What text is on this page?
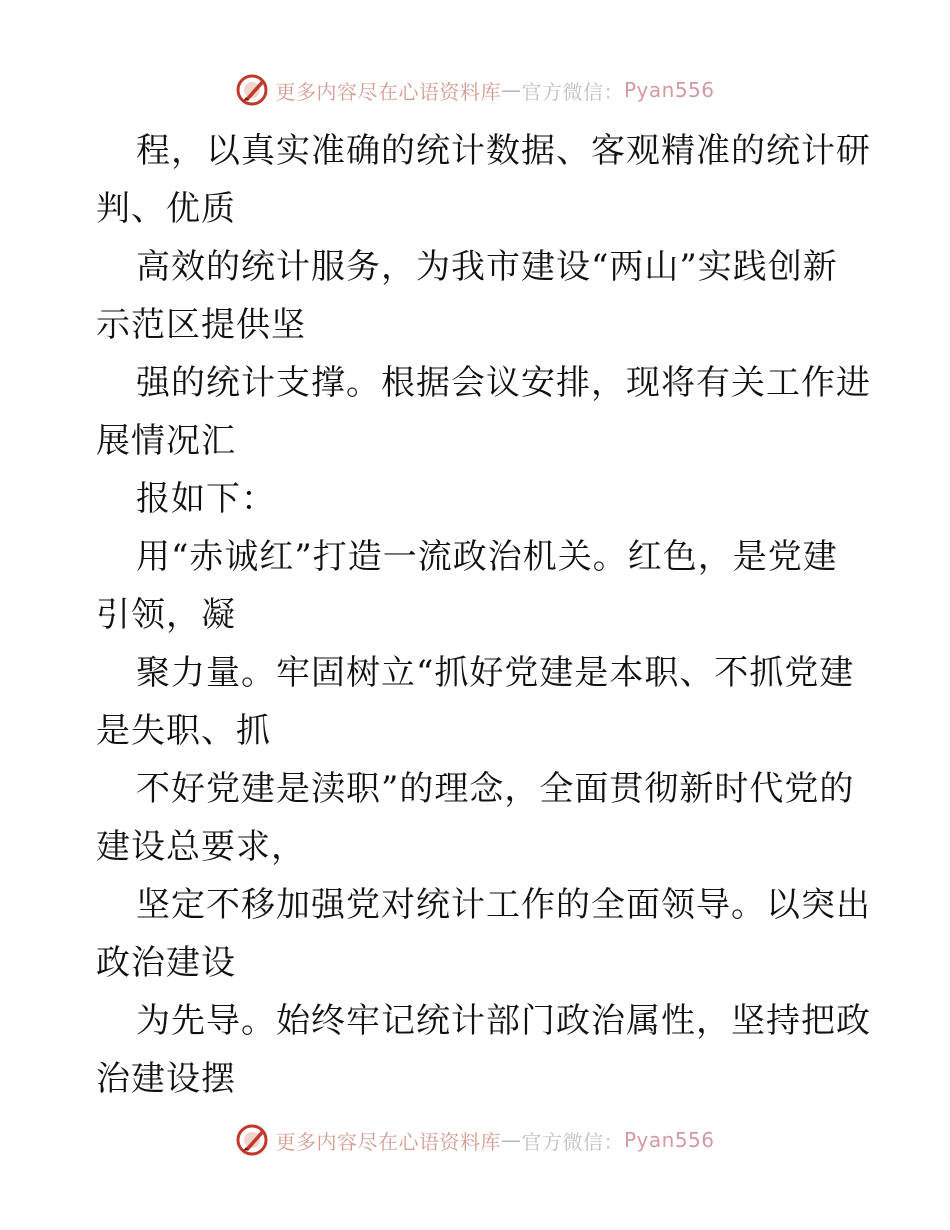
更多内容尽在心语资料库 — 官方微信： Pyan556
程，以真实准确的统计数据、客观精准的统计研
判、优质
高效的统计服务，为我市建设“两山”实践创新
示范区提供坚
强的统计支撑。根据会议安排，现将有关工作进
展情况汇
报如下：
用“赤诚红”打造一流政治机关。红色，是党建
引领，凝
聚力量。牢固树立“抓好党建是本职、不抓党建
是失职、抓
不好党建是渎职”的理念，全面贯彻新时代党的
建设总要求，
坚定不移加强党对统计工作的全面领导。以突出
政治建设
为先导。始终牢记统计部门政治属性，坚持把政
治建设摆
更多内容尽在心语资料库 — 官方微信： Pyan556
